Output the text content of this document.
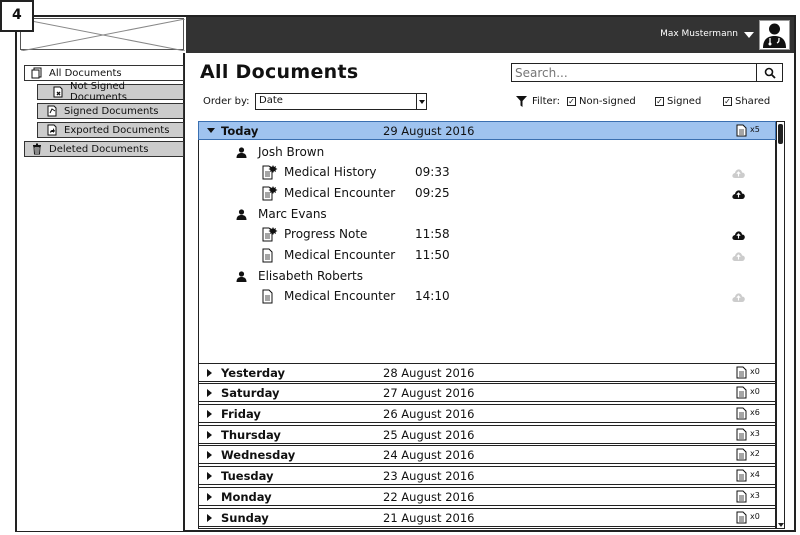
4
Max Mustermann
All Documents
Not Signed Documents
Signed Documents
Exported Documents
Deleted Documents
All Documents
Search...
Order by: Date	Filter: ✓ Non-signed	✓ Signed	✓ Shared
Today	29 August 2016	x5
Josh Brown
Medical History	09:33
Medical Encounter 09:25
Marc Evans
Progress Note	11:58
Medical Encounter 11:50
Elisabeth Roberts
Medical Encounter 14:10
Yesterday	28 August 2016	x0
Saturday	27 August 2016	x0
Friday	26 August 2016	x6
Thursday	25 August 2016	x3
Wednesday	24 August 2016	x2
Tuesday	23 August 2016	x4
Monday	22 August 2016	x3
Sunday	21 August 2016	x0
